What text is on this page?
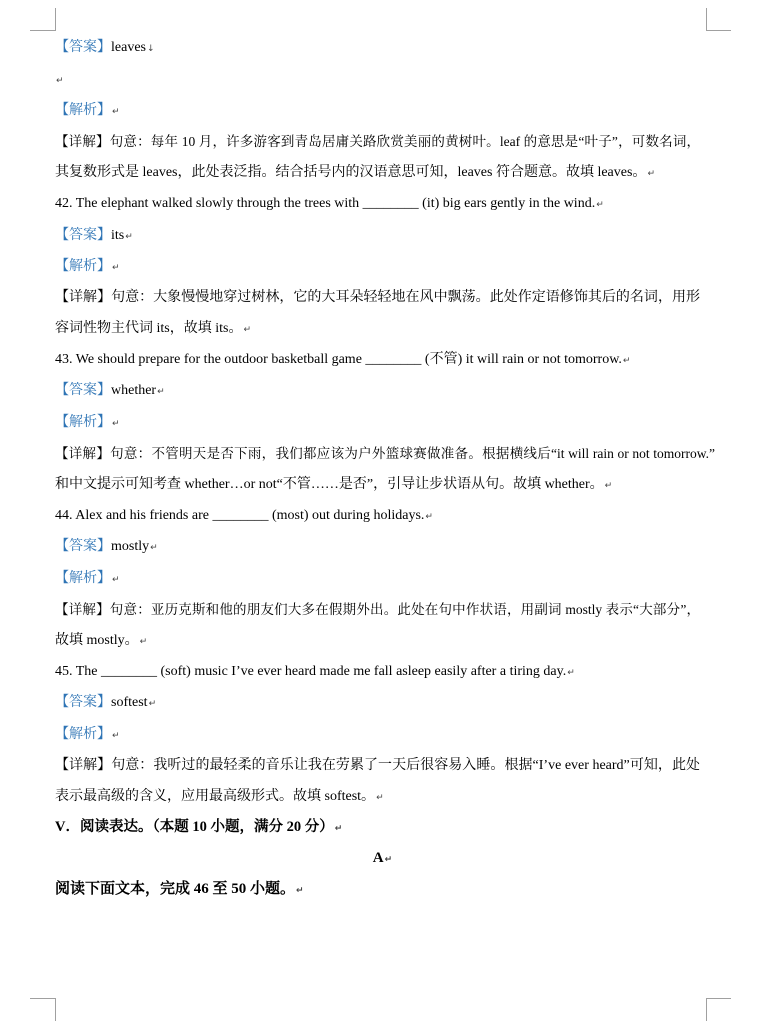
【答案】leaves↓
↵
【解析】↵
【详解】句意：每年 10 月，许多游客到青岛居庸关路欣赏美丽的黄树叶。leaf 的意思是“叶子”，可数名词，
其复数形式是 leaves，此处表泛指。结合括号内的汉语意思可知，leaves 符合题意。故填 leaves。↵
42. The elephant walked slowly through the trees with ________ (it) big ears gently in the wind.↵
【答案】its↵
【解析】↵
【详解】句意：大象慢慢地穿过树林，它的大耳朵轻轻地在风中飘荡。此处作定语修饰其后的名词，用形
容词性物主代词 its，故填 its。↵
43. We should prepare for the outdoor basketball game ________ (不管) it will rain or not tomorrow.↵
【答案】whether↵
【解析】↵
【详解】句意：不管明天是否下雨，我们都应该为户外篮球赛做准备。根据横线后“it will rain or not tomorrow.”
和中文提示可知考查 whether…or not“不管……是否”，引导让步状语从句。故填 whether。↵
44. Alex and his friends are ________ (most) out during holidays.↵
【答案】mostly↵
【解析】↵
【详解】句意：亚历克斯和他的朋友们大多在假期外出。此处在句中作状语，用副词 mostly 表示“大部分”，
故填 mostly。↵
45. The ________ (soft) music I’ve ever heard made me fall asleep easily after a tiring day.↵
【答案】softest↵
【解析】↵
【详解】句意：我听过的最轻柔的音乐让我在劳累了一天后很容易入睡。根据“I’ve ever heard”可知，此处
表示最高级的含义，应用最高级形式。故填 softest。↵
V．阅读表达。（本题 10 小题，满分 20 分）↵
A↵
阅读下面文本，完成 46 至 50 小题。↵
